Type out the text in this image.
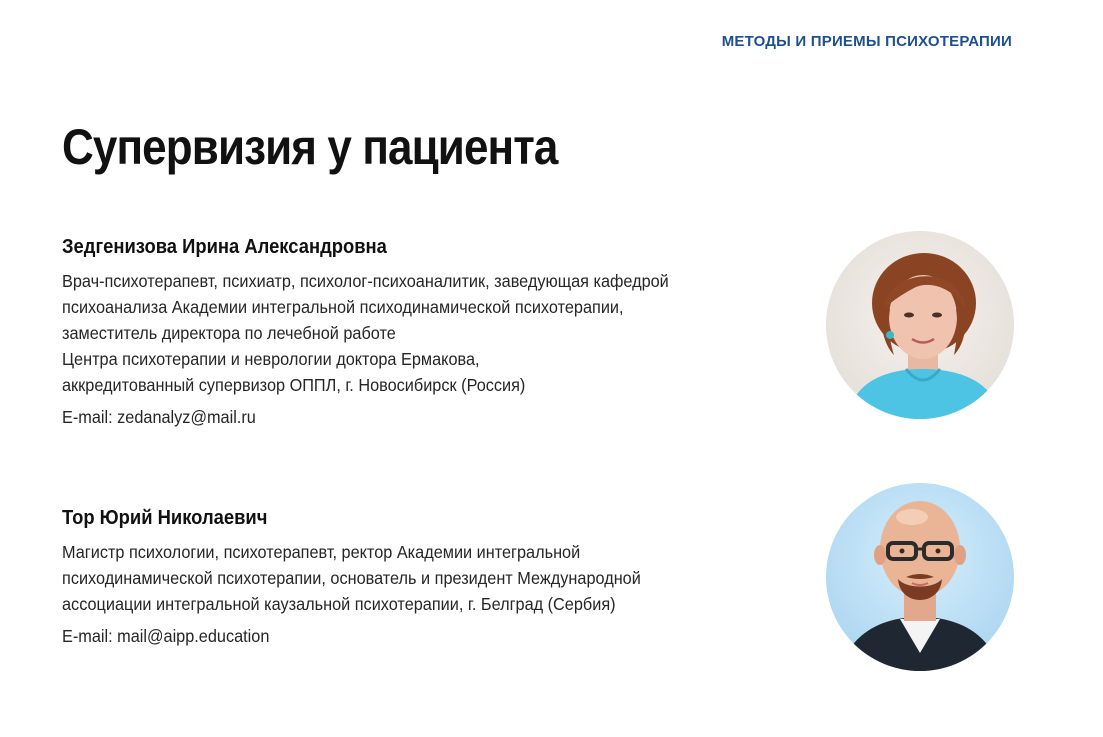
МЕТОДЫ И ПРИЕМЫ ПСИХОТЕРАПИИ
Супервизия у пациента
Зедгенизова Ирина Александровна
Врач-психотерапевт, психиатр, психолог-психоаналитик, заведующая кафедрой
психоанализа Академии интегральной психодинамической психотерапии,
заместитель директора по лечебной работе
Центра психотерапии и неврологии доктора Ермакова,
аккредитованный супервизор ОППЛ, г. Новосибирск (Россия)
E-mail: zedanalyz@mail.ru
Тор Юрий Николаевич
Магистр психологии, психотерапевт, ректор Академии интегральной
психодинамической психотерапии, основатель и президент Международной
ассоциации интегральной каузальной психотерапии, г. Белград (Сербия)
E-mail: mail@aipp.education
